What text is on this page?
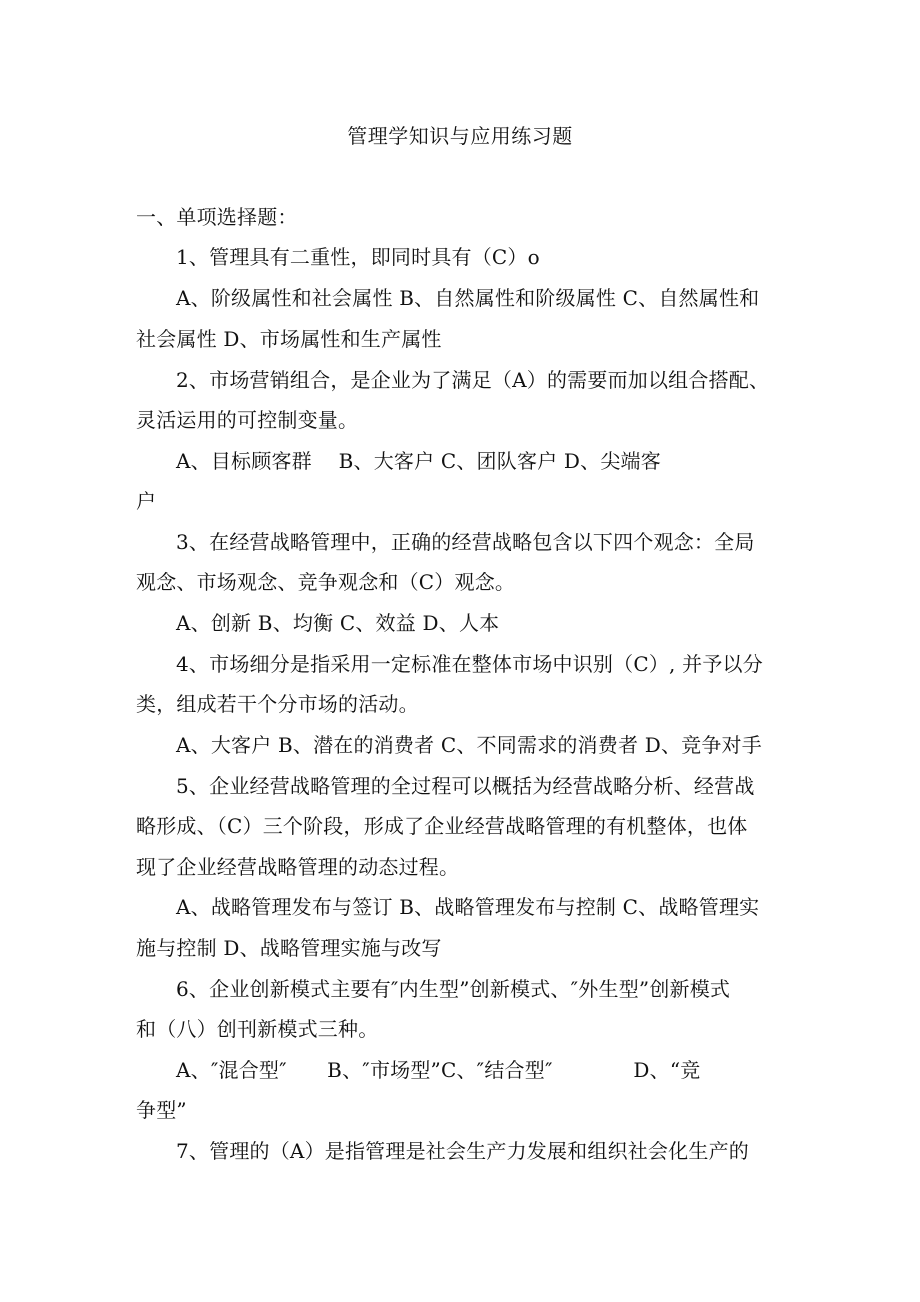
管理学知识与应用练习题
一、单项选择题：
1、管理具有二重性，即同时具有（C）o
A、阶级属性和社会属性 B、自然属性和阶级属性 C、自然属性和
社会属性 D、市场属性和生产属性
2、市场营销组合，是企业为了满足（A）的需要而加以组合搭配、
灵活运用的可控制变量。
A、目标顾客群　 B、大客户 C、团队客户 D、尖端客
户
3、在经营战略管理中，正确的经营战略包含以下四个观念：全局
观念、市场观念、竞争观念和（C）观念。
A、创新 B、均衡 C、效益 D、人本
4、市场细分是指采用一定标准在整体市场中识别（C）, 并予以分
类，组成若干个分市场的活动。
A、大客户 B、潜在的消费者 C、不同需求的消费者 D、竞争对手
5、企业经营战略管理的全过程可以概括为经营战略分析、经营战
略形成、（C）三个阶段，形成了企业经营战略管理的有机整体，也体
现了企业经营战略管理的动态过程。
A、战略管理发布与签订 B、战略管理发布与控制 C、战略管理实
施与控制 D、战略管理实施与改写
6、企业创新模式主要有″内生型”创新模式、″外生型”创新模式
和（八）创刊新模式三种。
A、″混合型″　　B、″市场型”C、″结合型″　　　　D、“竞
争型”
7、管理的（A）是指管理是社会生产力发展和组织社会化生产的
